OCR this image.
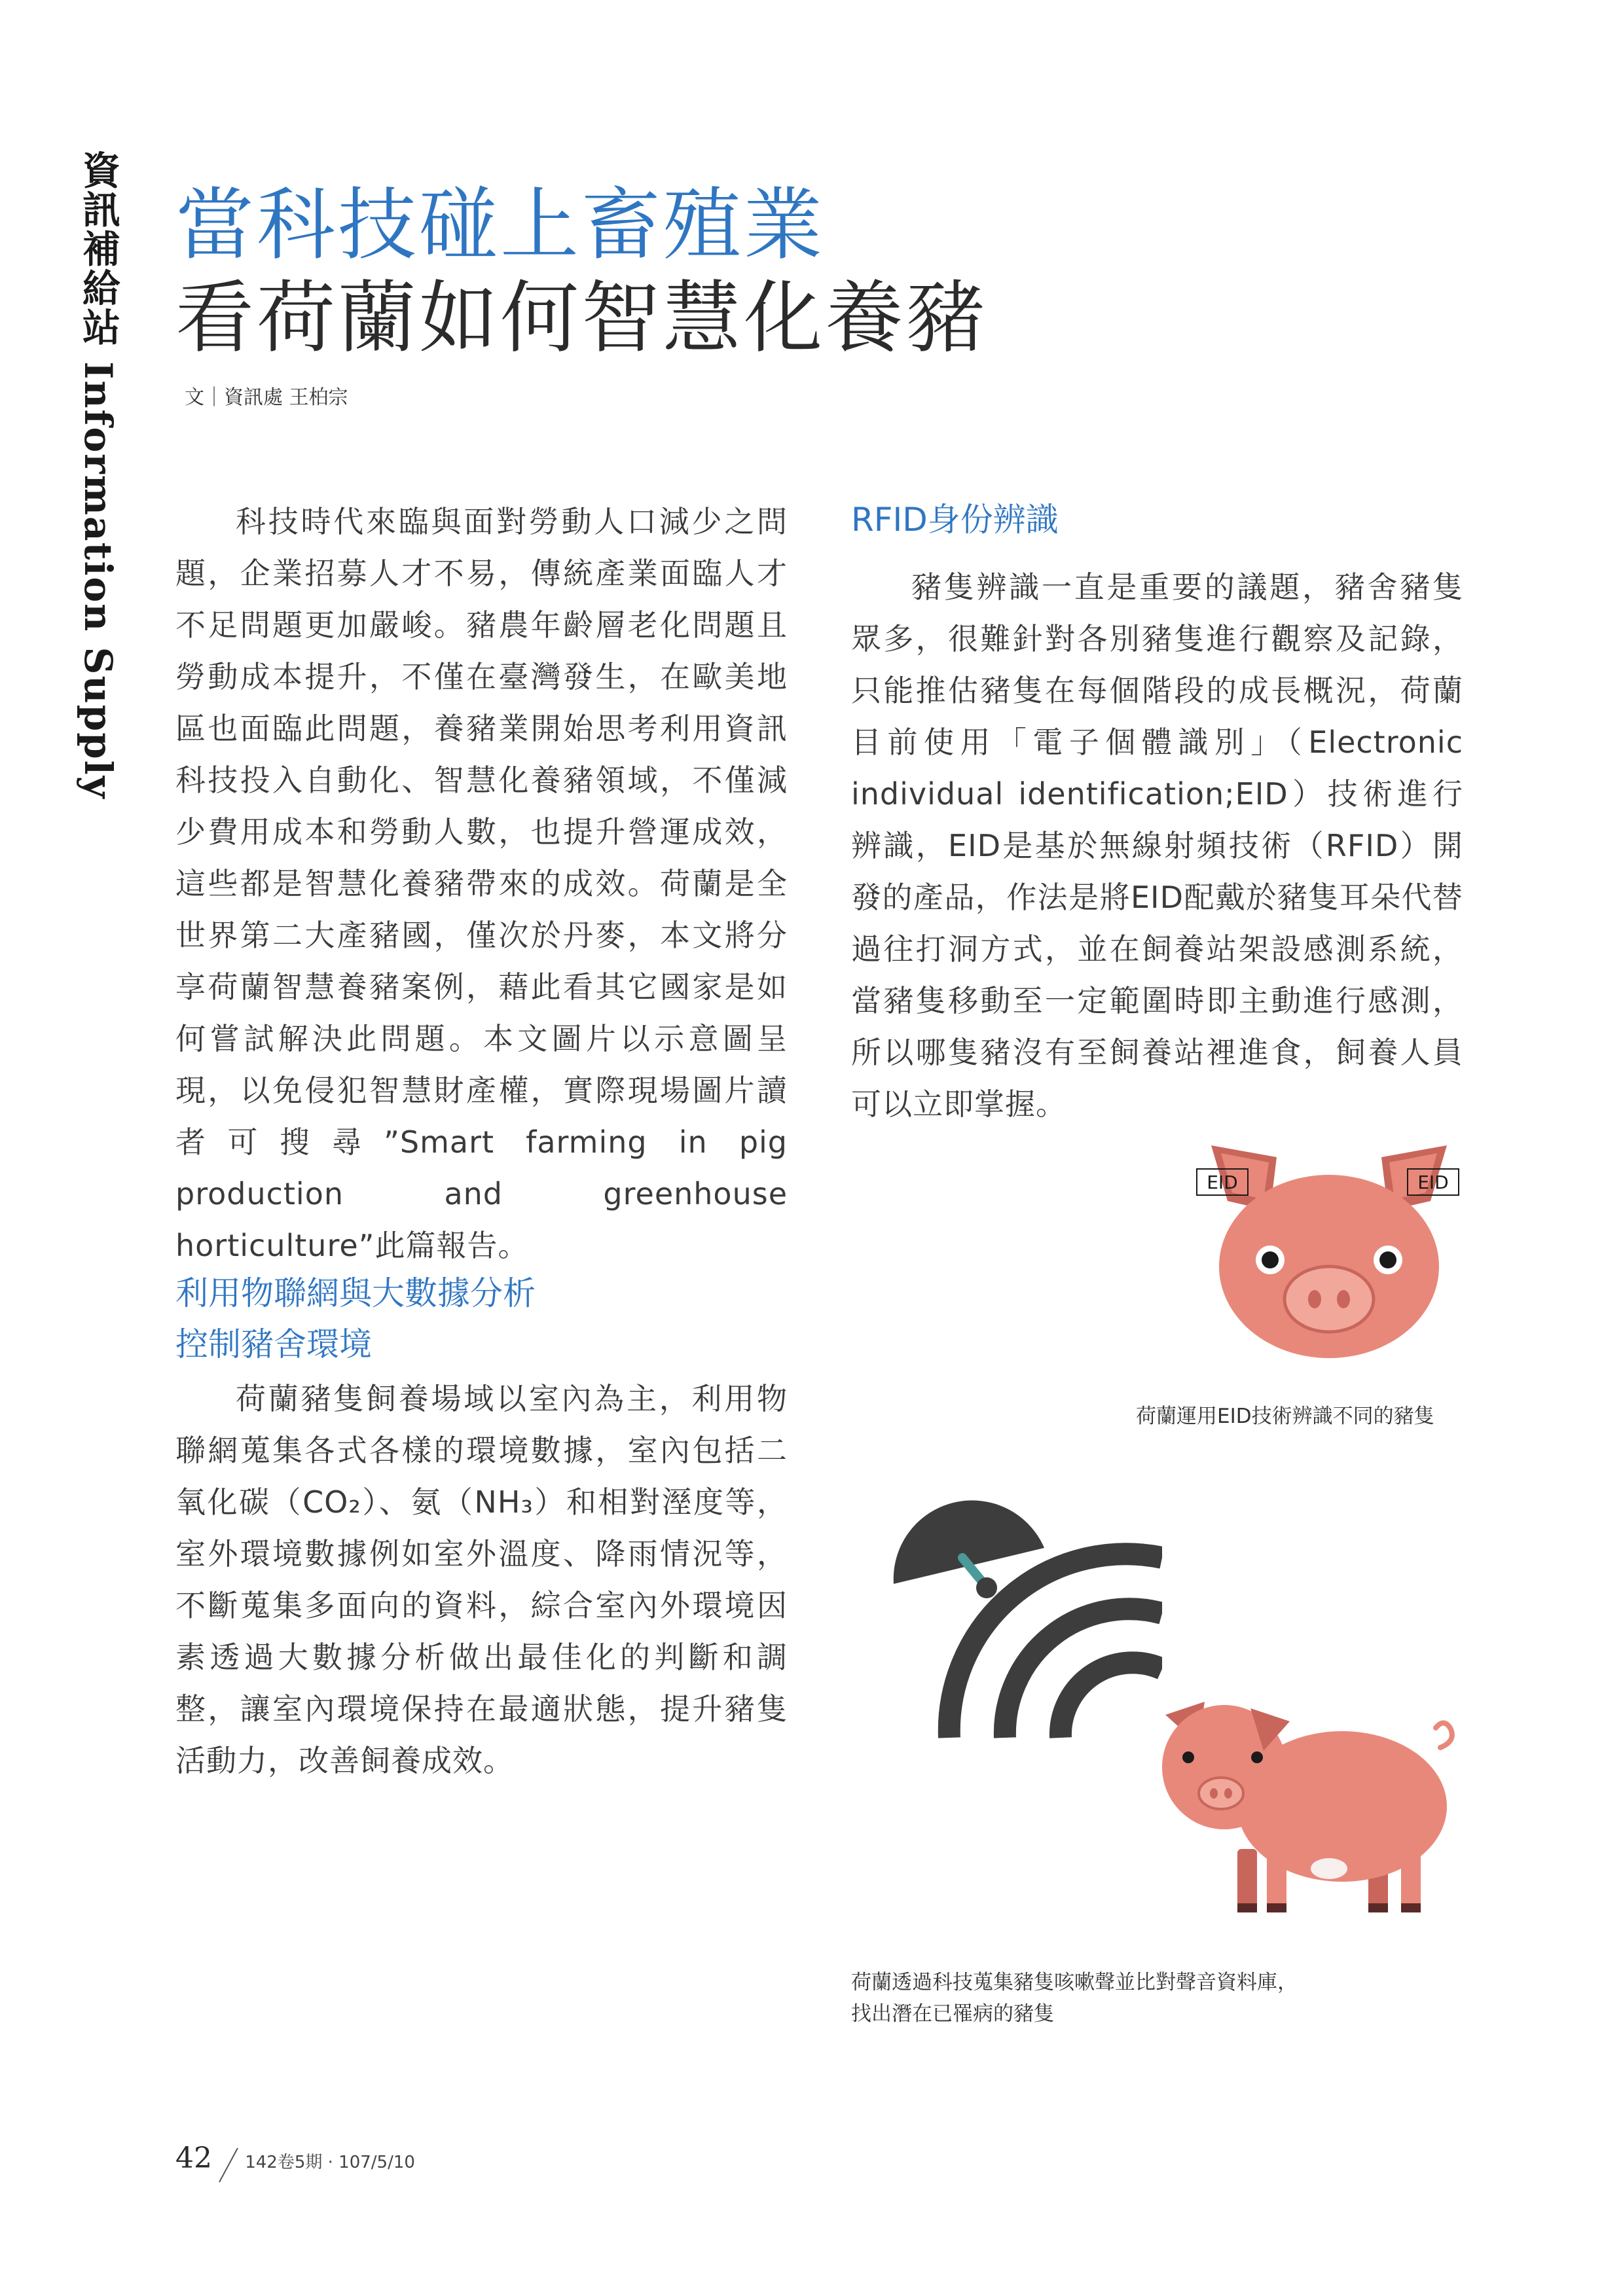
資訊補給站 Information Supply 當科技碰上畜殖業
看荷蘭如何智慧化養豬
文｜資訊處 王柏宗

科技時代來臨與面對勞動人口減少之問題，企業招募人才不易，傳統產業面臨人才不足問題更加嚴峻。豬農年齡層老化問題且勞動成本提升，不僅在臺灣發生，在歐美地區也面臨此問題，養豬業開始思考利用資訊科技投入自動化、智慧化養豬領域，不僅減少費用成本和勞動人數，也提升營運成效，這些都是智慧化養豬帶來的成效。荷蘭是全世界第二大產豬國，僅次於丹麥，本文將分享荷蘭智慧養豬案例，藉此看其它國家是如何嘗試解決此問題。本文圖片以示意圖呈現，以免侵犯智慧財產權，實際現場圖片讀者可搜尋”Smart farming in pig production and greenhouse horticulture”此篇報告。

利用物聯網與大數據分析

控制豬舍環境

荷蘭豬隻飼養場域以室內為主，利用物聯網蒐集各式各樣的環境數據，室內包括二氧化碳（CO₂）、氨（NH₃）和相對溼度等，室外環境數據例如室外溫度、降雨情況等，不斷蒐集多面向的資料，綜合室內外環境因素透過大數據分析做出最佳化的判斷和調整，讓室內環境保持在最適狀態，提升豬隻活動力，改善飼養成效。

RFID身份辨識

豬隻辨識一直是重要的議題，豬舍豬隻眾多，很難針對各別豬隻進行觀察及記錄，只能推估豬隻在每個階段的成長概況，荷蘭目前使用「電子個體識別」（Electronic individual identification;EID）技術進行辨識，EID是基於無線射頻技術（RFID）開發的產品，作法是將EID配戴於豬隻耳朵代替過往打洞方式，並在飼養站架設感測系統，當豬隻移動至一定範圍時即主動進行感測，所以哪隻豬沒有至飼養站裡進食，飼養人員可以立即掌握。

EID	EID
荷蘭運用EID技術辨識不同的豬隻
荷蘭透過科技蒐集豬隻咳嗽聲並比對聲音資料庫，
找出潛在已罹病的豬隻
42 142卷5期 · 107/5/10
